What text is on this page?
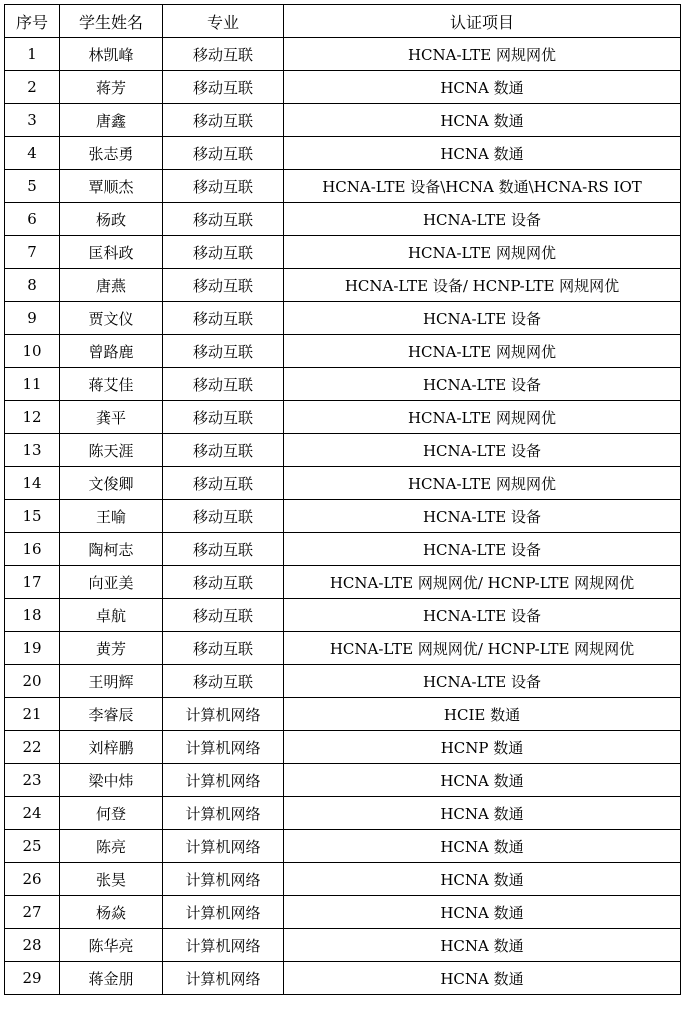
序号	学生姓名	专业	认证项目
1	林凯峰	移动互联	HCNA-LTE 网规网优
2	蒋芳	移动互联	HCNA 数通
3	唐鑫	移动互联	HCNA 数通
4	张志勇	移动互联	HCNA 数通
5	覃顺杰	移动互联	HCNA-LTE 设备\HCNA 数通\HCNA-RS IOT
6	杨政	移动互联	HCNA-LTE 设备
7	匡科政	移动互联	HCNA-LTE 网规网优
8	唐燕	移动互联	HCNA-LTE 设备/ HCNP-LTE 网规网优
9	贾文仪	移动互联	HCNA-LTE 设备
10	曾路鹿	移动互联	HCNA-LTE 网规网优
11	蒋艾佳	移动互联	HCNA-LTE 设备
12	龚平	移动互联	HCNA-LTE 网规网优
13	陈天涯	移动互联	HCNA-LTE 设备
14	文俊卿	移动互联	HCNA-LTE 网规网优
15	王喻	移动互联	HCNA-LTE 设备
16	陶柯志	移动互联	HCNA-LTE 设备
17	向亚美	移动互联	HCNA-LTE 网规网优/ HCNP-LTE 网规网优
18	卓航	移动互联	HCNA-LTE 设备
19	黄芳	移动互联	HCNA-LTE 网规网优/ HCNP-LTE 网规网优
20	王明辉	移动互联	HCNA-LTE 设备
21	李睿辰	计算机网络	HCIE 数通
22	刘梓鹏	计算机网络	HCNP 数通
23	梁中炜	计算机网络	HCNA 数通
24	何登	计算机网络	HCNA 数通
25	陈亮	计算机网络	HCNA 数通
26	张昊	计算机网络	HCNA 数通
27	杨焱	计算机网络	HCNA 数通
28	陈华亮	计算机网络	HCNA 数通
29	蒋金朋	计算机网络	HCNA 数通
